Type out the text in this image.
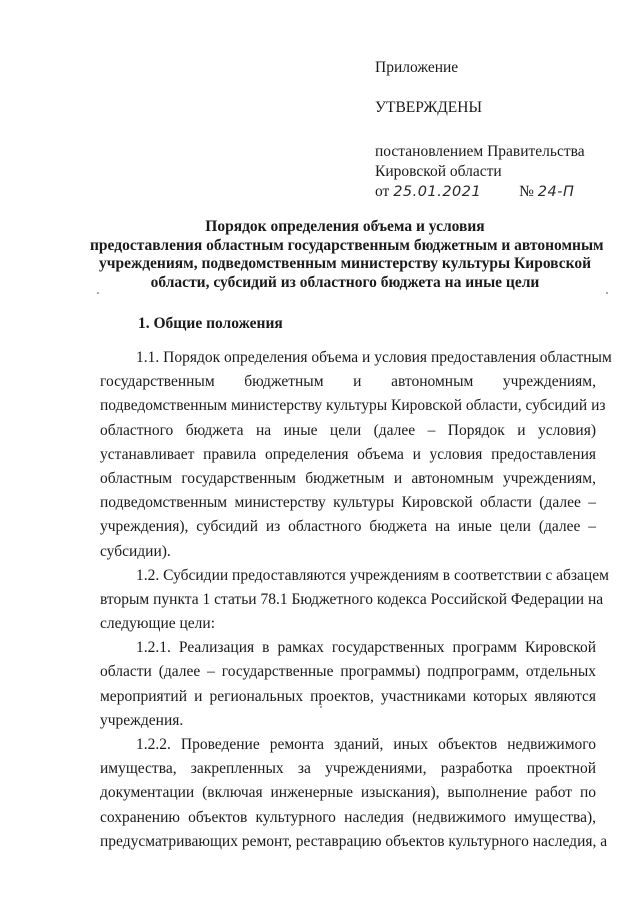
Приложение
УТВЕРЖДЕНЫ
постановлением Правительства
Кировской области
от 25.01.2021 № 24-П
Порядок определения объема и условия
предоставления областным государственным бюджетным и автономным
учреждениям, подведомственным министерству культуры Кировской
области, субсидий из областного бюджета на иные цели
1. Общие положения
1.1. Порядок определения объема и условия предоставления областным
государственным бюджетным и автономным учреждениям,
подведомственным министерству культуры Кировской области, субсидий из
областного бюджета на иные цели (далее – Порядок и условия)
устанавливает правила определения объема и условия предоставления
областным государственным бюджетным и автономным учреждениям,
подведомственным министерству культуры Кировской области (далее –
учреждения), субсидий из областного бюджета на иные цели (далее –
субсидии).
1.2. Субсидии предоставляются учреждениям в соответствии с абзацем
вторым пункта 1 статьи 78.1 Бюджетного кодекса Российской Федерации на
следующие цели:
1.2.1. Реализация в рамках государственных программ Кировской
области (далее – государственные программы) подпрограмм, отдельных
мероприятий и региональных проектов, участниками которых являются
учреждения.
1.2.2. Проведение ремонта зданий, иных объектов недвижимого
имущества, закрепленных за учреждениями, разработка проектной
документации (включая инженерные изыскания), выполнение работ по
сохранению объектов культурного наследия (недвижимого имущества),
предусматривающих ремонт, реставрацию объектов культурного наследия, а
